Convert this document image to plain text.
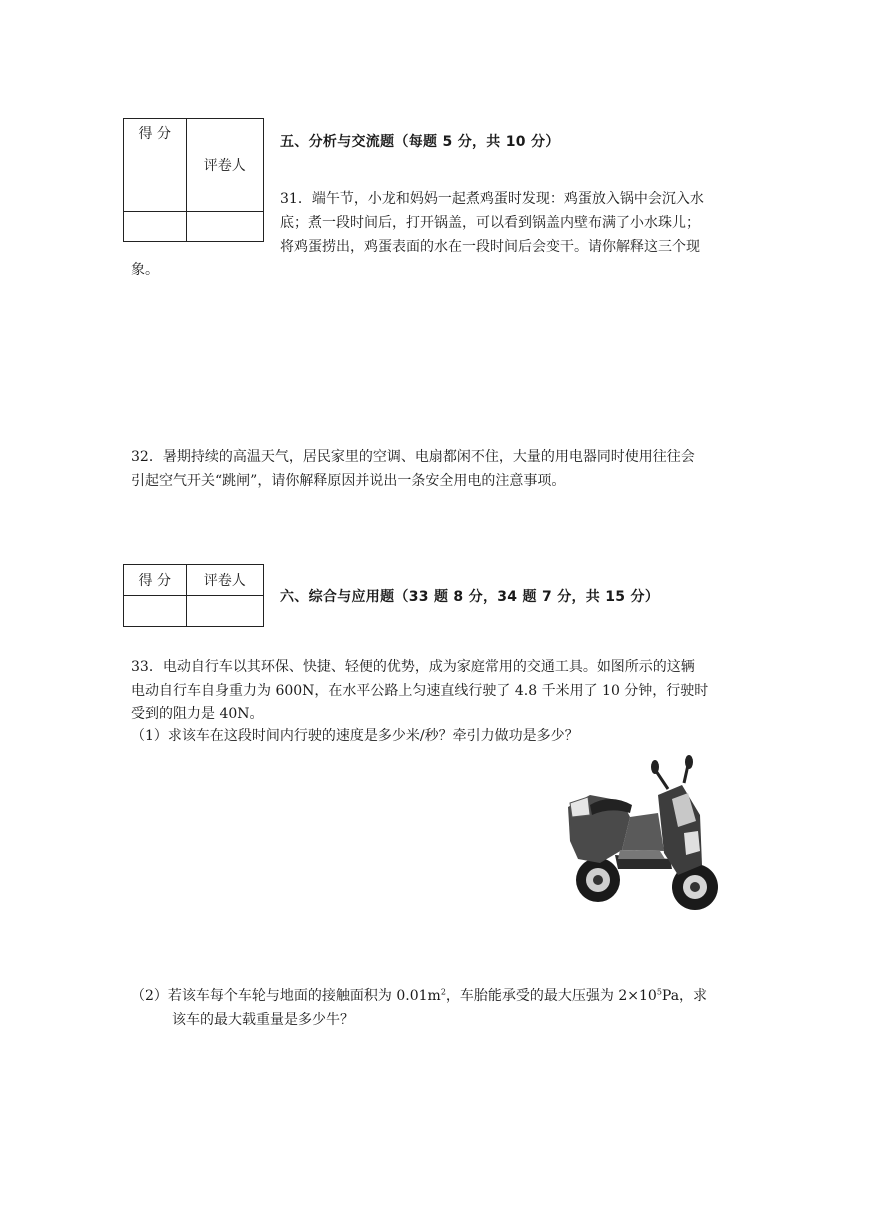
得 分	评卷人

五、分析与交流题（每题 5 分，共 10 分）
31．端午节，小龙和妈妈一起煮鸡蛋时发现：鸡蛋放入锅中会沉入水
底；煮一段时间后，打开锅盖，可以看到锅盖内壁布满了小水珠儿；
将鸡蛋捞出，鸡蛋表面的水在一段时间后会变干。请你解释这三个现
象。
32．暑期持续的高温天气，居民家里的空调、电扇都闲不住，大量的用电器同时使用往往会
引起空气开关“跳闸”，请你解释原因并说出一条安全用电的注意事项。
得 分	评卷人

六、综合与应用题（33 题 8 分，34 题 7 分，共 15 分）
33．电动自行车以其环保、快捷、轻便的优势，成为家庭常用的交通工具。如图所示的这辆
电动自行车自身重力为 600N，在水平公路上匀速直线行驶了 4.8 千米用了 10 分钟，行驶时
受到的阻力是 40N。
（1）求该车在这段时间内行驶的速度是多少米/秒？牵引力做功是多少？
（2）若该车每个车轮与地面的接触面积为 $0.01m^2$，车胎能承受的最大压强为 $2\times 10^5Pa$，求
该车的最大载重量是多少牛？
